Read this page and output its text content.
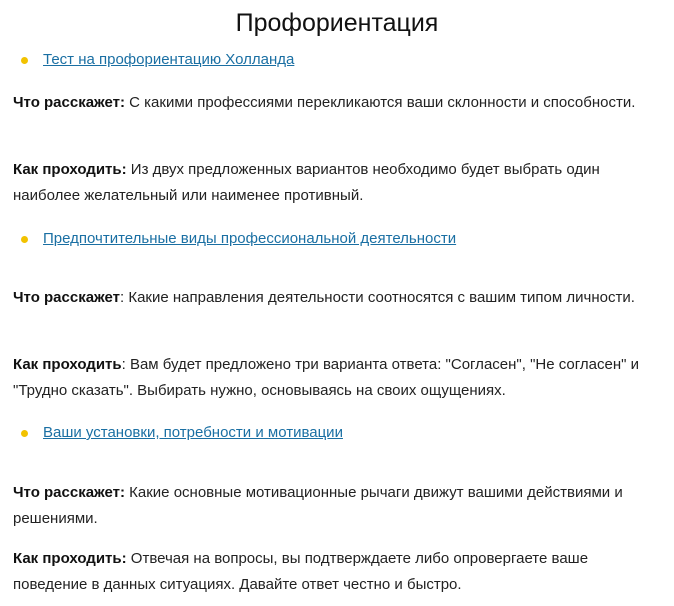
Профориентация
Тест на профориентацию Холланда
Что расскажет: С какими профессиями перекликаются ваши склонности и способности.
Как проходить: Из двух предложенных вариантов необходимо будет выбрать один наиболее желательный или наименее противный.
Предпочтительные виды профессиональной деятельности
Что расскажет: Какие направления деятельности соотносятся с вашим типом личности.
Как проходить: Вам будет предложено три варианта ответа: "Согласен", "Не согласен" и "Трудно сказать". Выбирать нужно, основываясь на своих ощущениях.
Ваши установки, потребности и мотивации
Что расскажет: Какие основные мотивационные рычаги движут вашими действиями и решениями.
Как проходить: Отвечая на вопросы, вы подтверждаете либо опровергаете ваше поведение в данных ситуациях. Давайте ответ честно и быстро.
